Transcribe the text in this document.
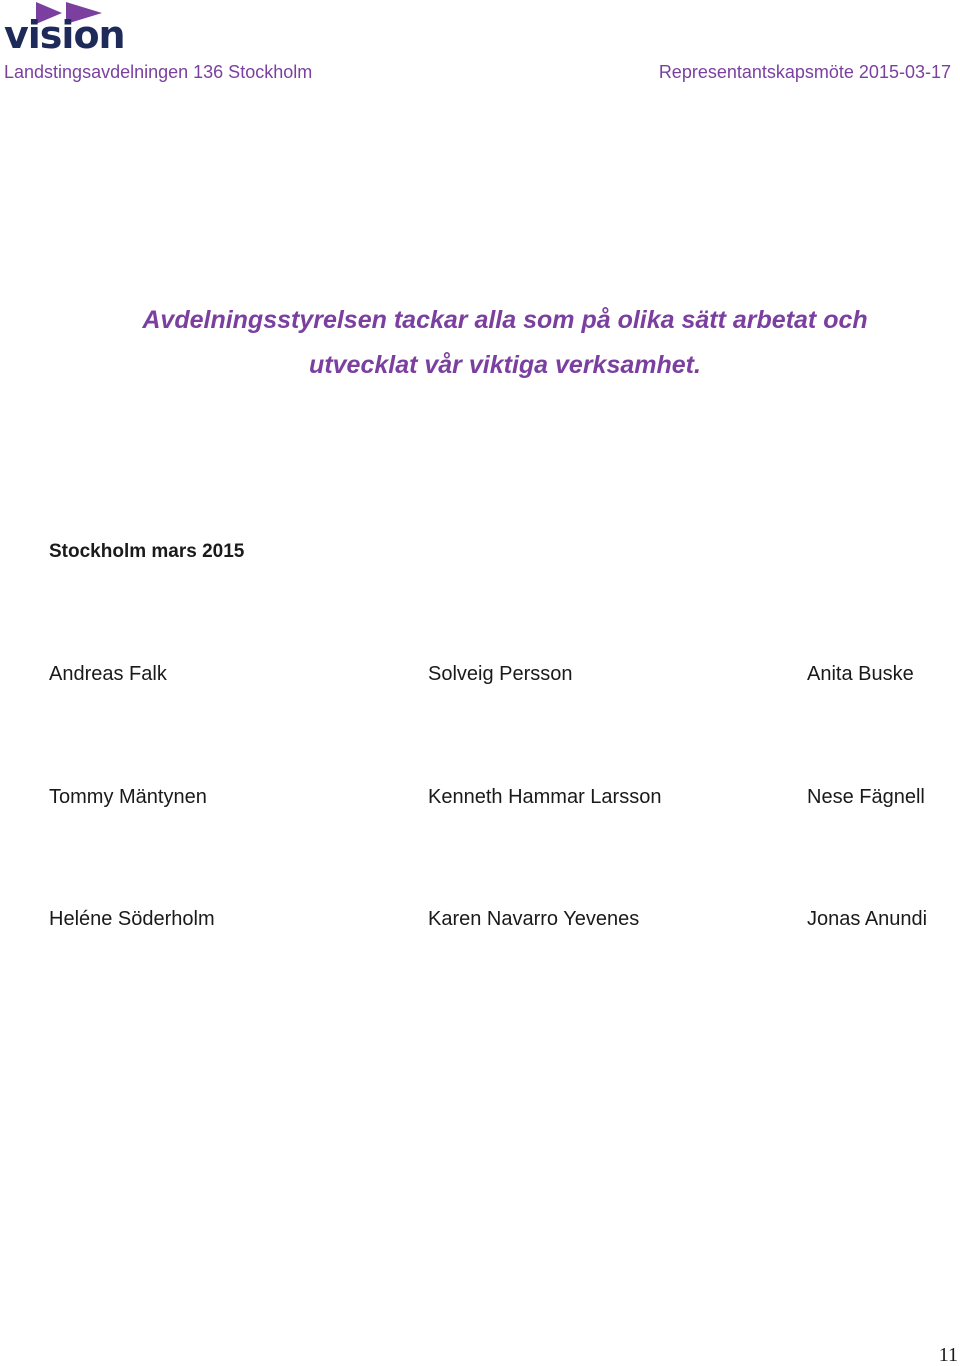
vision
Landstingsavdelningen 136 Stockholm	Representantskapsmöte 2015-03-17
Avdelningsstyrelsen tackar alla som på olika sätt arbetat och
utvecklat vår viktiga verksamhet.
Stockholm mars 2015
Andreas Falk	Solveig Persson	Anita Buske
Tommy Mäntynen	Kenneth Hammar Larsson	Nese Fägnell
Heléne Söderholm	Karen Navarro Yevenes	Jonas Anundi
11
